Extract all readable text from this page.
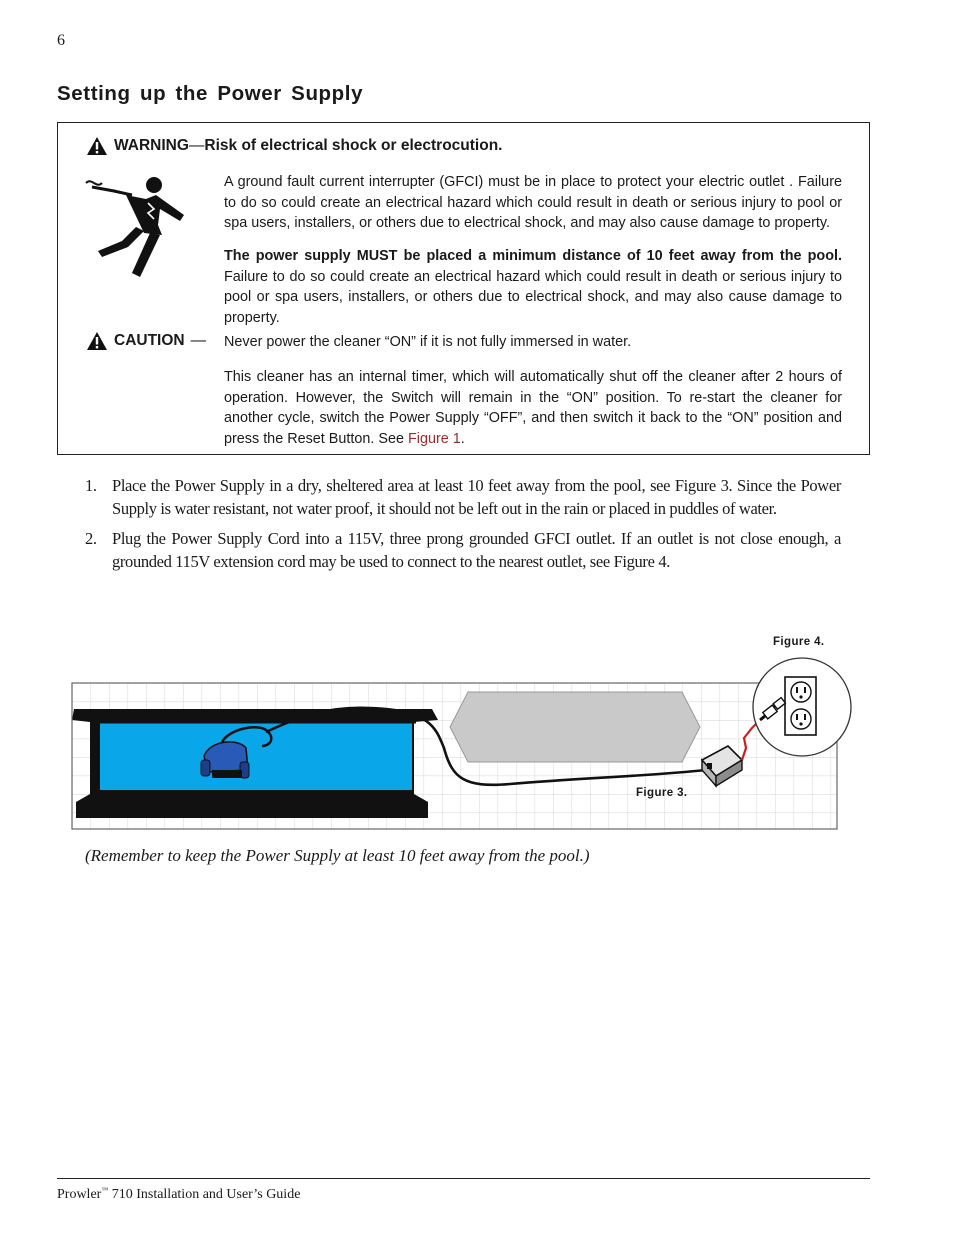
6
Setting up the Power Supply
WARNING — Risk of electrical shock or electrocution.

A ground fault current interrupter (GFCI) must be in place to protect your electric outlet . Failure to do so could create an electrical hazard which could result in death or serious injury to pool or spa users, installers, or others due to electrical shock, and may also cause damage to property.

The power supply MUST be placed a minimum distance of 10 feet away from the pool. Failure to do so could create an electrical hazard which could result in death or serious injury to pool or spa users, installers, or others due to electrical shock, and may also cause damage to property.

CAUTION — Never power the cleaner “ON” if it is not fully immersed in water.

This cleaner has an internal timer, which will automatically shut off the cleaner after 2 hours of operation. However, the Switch will remain in the “ON” position. To re-start the cleaner for another cycle, switch the Power Supply “OFF”, and then switch it back to the “ON” position and press the Reset Button. See Figure 1.

1. Place the Power Supply in a dry, sheltered area at least 10 feet away from the pool, see Figure 3. Since the Power Supply is water resistant, not water proof, it should not be left out in the rain or placed in puddles of water.
2. Plug the Power Supply Cord into a 115V, three prong grounded GFCI outlet. If an outlet is not close enough, a grounded 115V extension cord may be used to connect to the nearest outlet, see Figure 4.
Figure 4.
Figure 3.
(Remember to keep the Power Supply at least 10 feet away from the pool.)
Prowler™ 710 Installation and User’s Guide
